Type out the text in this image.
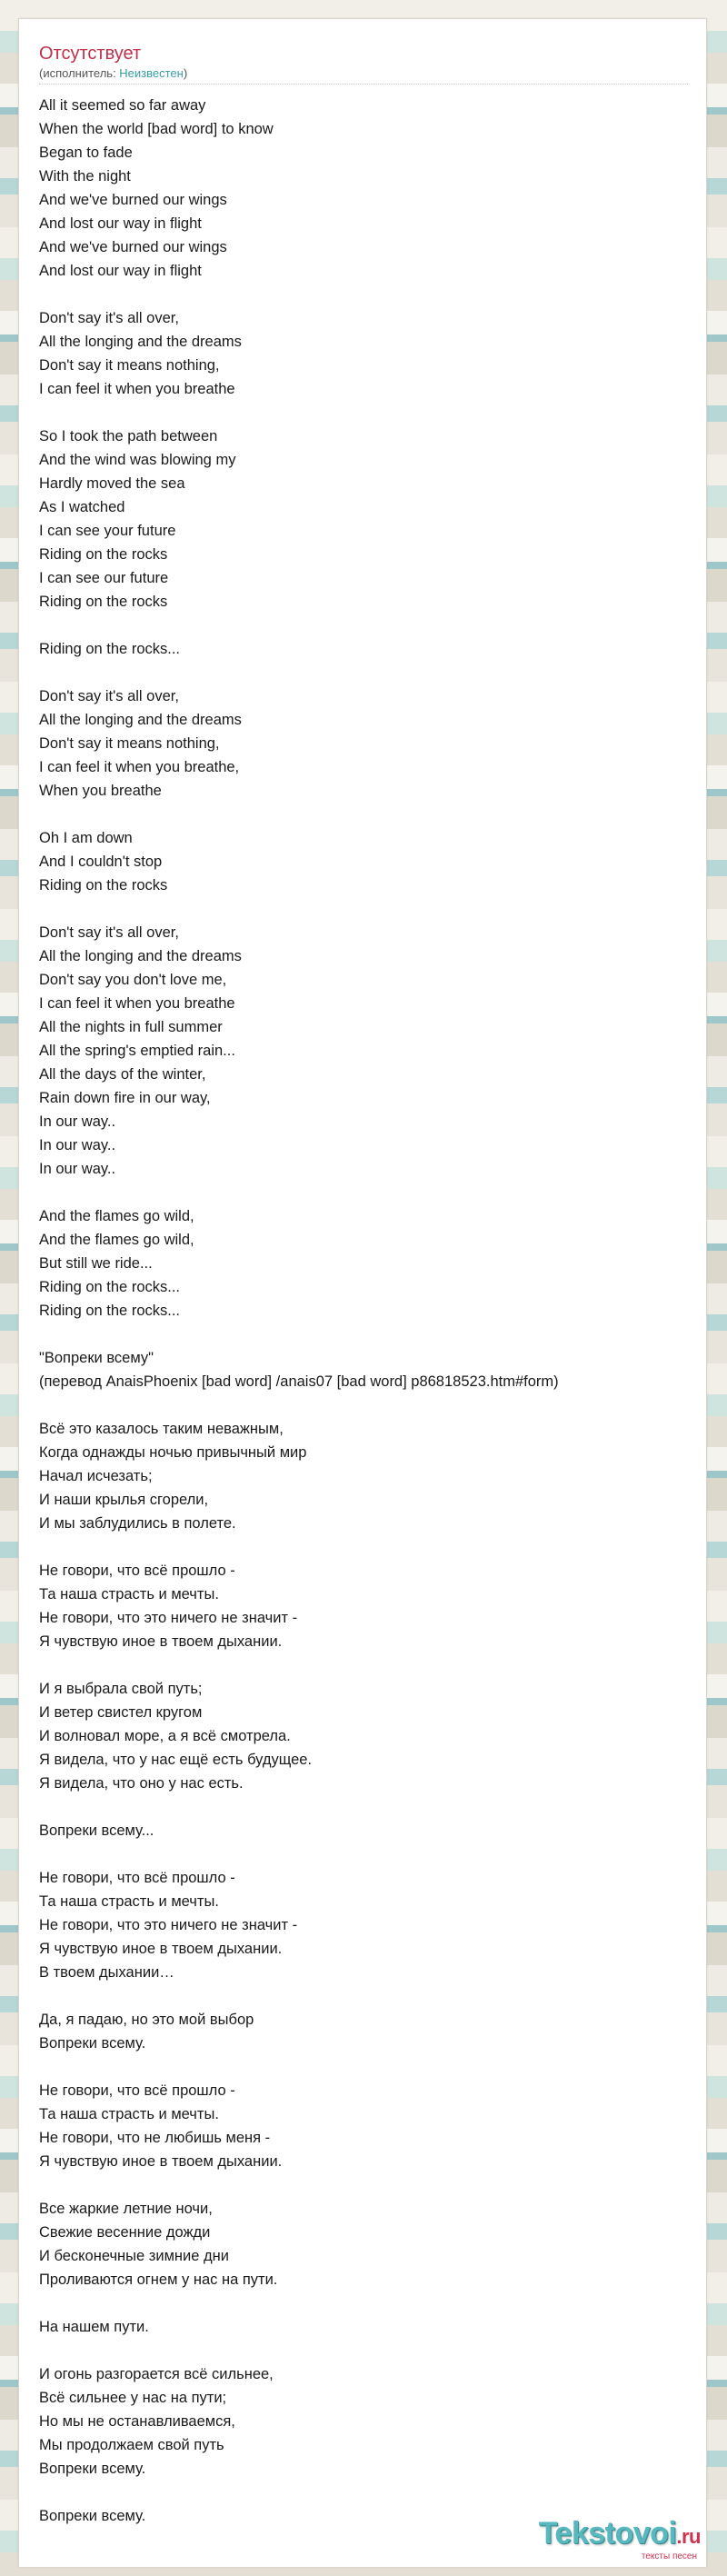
Отсутствует
(исполнитель: Неизвестен)
All it seemed so far away
When the world [bad word] to know
Began to fade
With the night
And we've burned our wings
And lost our way in flight
And we've burned our wings
And lost our way in flight
Don't say it's all over,
All the longing and the dreams
Don't say it means nothing,
I can feel it when you breathe
So I took the path between
And the wind was blowing my
Hardly moved the sea
As I watched
I can see your future
Riding on the rocks
I can see our future
Riding on the rocks
Riding on the rocks...
Don't say it's all over,
All the longing and the dreams
Don't say it means nothing,
I can feel it when you breathe,
When you breathe
Oh I am down
And I couldn't stop
Riding on the rocks
Don't say it's all over,
All the longing and the dreams
Don't say you don't love me,
I can feel it when you breathe
All the nights in full summer
All the spring's emptied rain...
All the days of the winter,
Rain down fire in our way,
In our way..
In our way..
In our way..
And the flames go wild,
And the flames go wild,
But still we ride...
Riding on the rocks...
Riding on the rocks...
"Вопреки всему"
(перевод AnaisPhoenix [bad word] /anais07 [bad word] p86818523.htm#form)
Всё это казалось таким неважным,
Когда однажды ночью привычный мир
Начал исчезать;
И наши крылья сгорели,
И мы заблудились в полете.
Не говори, что всё прошло -
Та наша страсть и мечты.
Не говори, что это ничего не значит -
Я чувствую иное в твоем дыхании.
И я выбрала свой путь;
И ветер свистел кругом
И волновал море, а я всё смотрела.
Я видела, что у нас ещё есть будущее.
Я видела, что оно у нас есть.
Вопреки всему...
Не говори, что всё прошло -
Та наша страсть и мечты.
Не говори, что это ничего не значит -
Я чувствую иное в твоем дыхании.
В твоем дыхании…
Да, я падаю, но это мой выбор
Вопреки всему.
Не говори, что всё прошло -
Та наша страсть и мечты.
Не говори, что не любишь меня -
Я чувствую иное в твоем дыхании.
Все жаркие летние ночи,
Свежие весенние дожди
И бесконечные зимние дни
Проливаются огнем у нас на пути.
На нашем пути.
И огонь разгорается всё сильнее,
Всё сильнее у нас на пути;
Но мы не останавливаемся,
Мы продолжаем свой путь
Вопреки всему.
Вопреки всему.	Tekstovoi.ru
тексты песен
